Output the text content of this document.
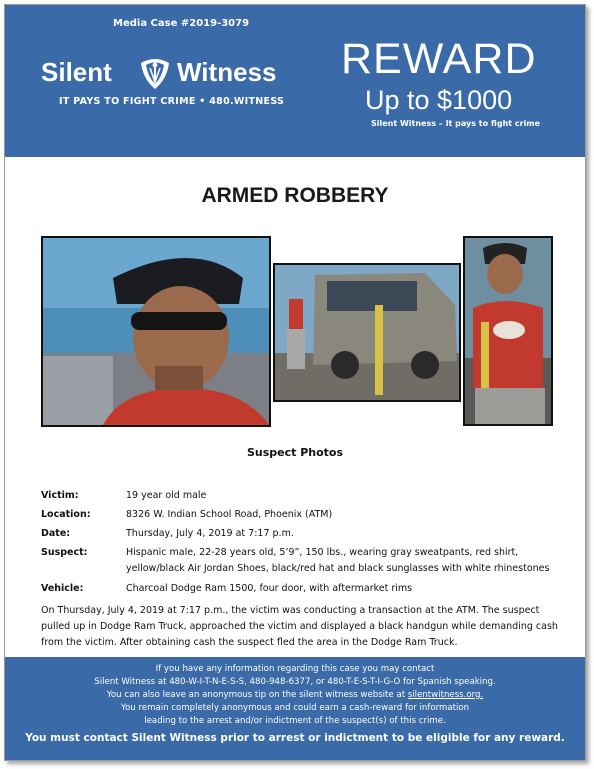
Media Case #2019-3079
Silent	Witness
IT PAYS TO FIGHT CRIME • 480.WITNESS
REWARD
Up to $1000
Silent Witness – It pays to fight crime
ARMED ROBBERY
Suspect Photos
Victim:	19 year old male
Location:	8326 W. Indian School Road, Phoenix (ATM)
Date:	Thursday, July 4, 2019 at 7:17 p.m.
Suspect:	Hispanic male, 22-28 years old, 5’9”, 150 lbs., wearing gray sweatpants, red shirt,
yellow/black Air Jordan Shoes, black/red hat and black sunglasses with white rhinestones
Vehicle:	Charcoal Dodge Ram 1500, four door, with aftermarket rims
On Thursday, July 4, 2019 at 7:17 p.m., the victim was conducting a transaction at the ATM. The suspect pulled up in Dodge Ram Truck, approached the victim and displayed a black handgun while demanding cash from the victim. After obtaining cash the suspect fled the area in the Dodge Ram Truck.
If you have any information regarding this case you may contact
Silent Witness at 480-W-I-T-N-E-S-S, 480-948-6377, or 480-T-E-S-T-I-G-O for Spanish speaking.
You can also leave an anonymous tip on the silent witness website at silentwitness.org.
You remain completely anonymous and could earn a cash-reward for information
leading to the arrest and/or indictment of the suspect(s) of this crime.
You must contact Silent Witness prior to arrest or indictment to be eligible for any reward.
